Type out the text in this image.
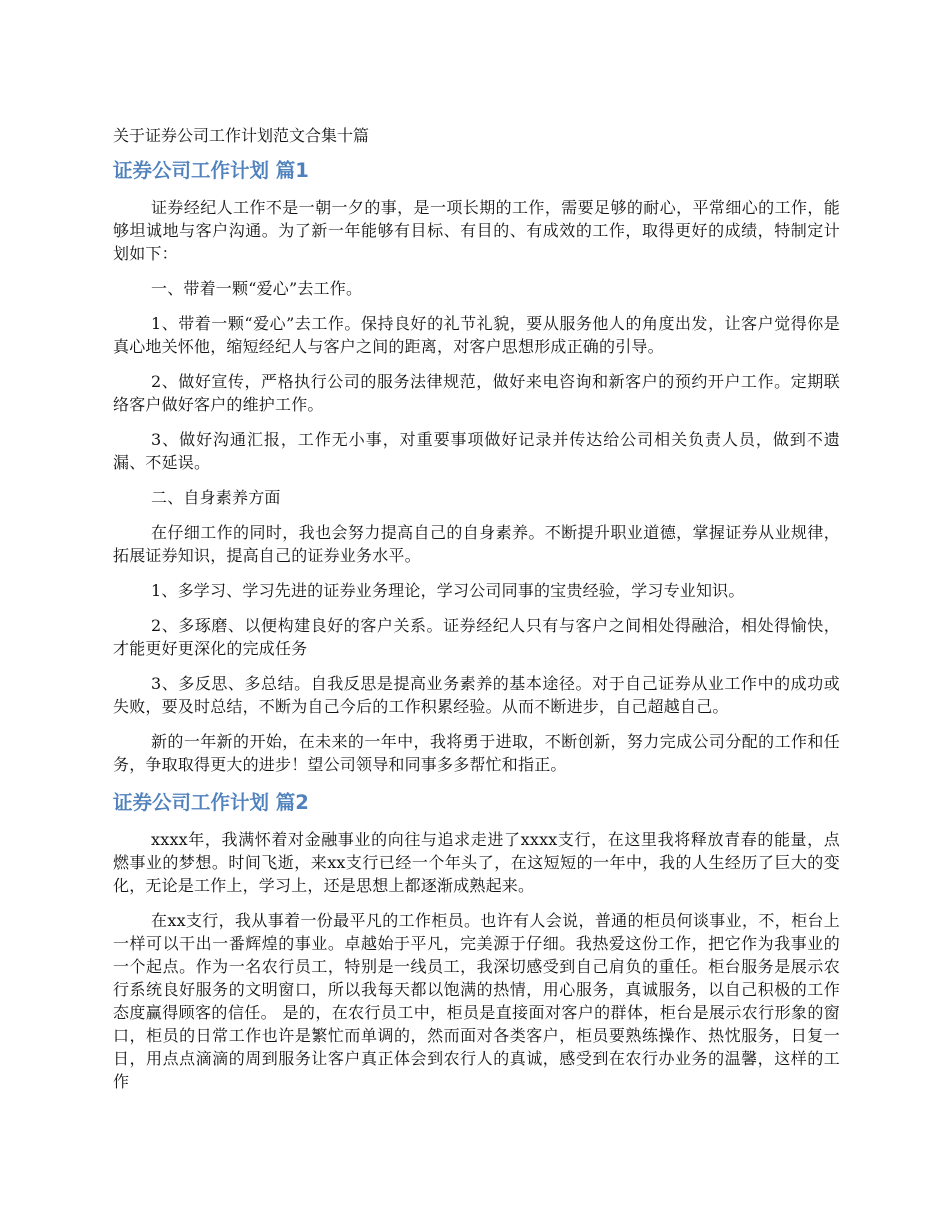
关于证券公司工作计划范文合集十篇
证券公司工作计划 篇1

证券经纪人工作不是一朝一夕的事，是一项长期的工作，需要足够的耐心，平常细心的工作，能够坦诚地与客户沟通。为了新一年能够有目标、有目的、有成效的工作，取得更好的成绩，特制定计划如下：

一、带着一颗“爱心”去工作。

1、带着一颗“爱心”去工作。保持良好的礼节礼貌，要从服务他人的角度出发，让客户觉得你是真心地关怀他，缩短经纪人与客户之间的距离，对客户思想形成正确的引导。

2、做好宣传，严格执行公司的服务法律规范，做好来电咨询和新客户的预约开户工作。定期联络客户做好客户的维护工作。

3、做好沟通汇报，工作无小事，对重要事项做好记录并传达给公司相关负责人员，做到不遗漏、不延误。

二、自身素养方面

在仔细工作的同时，我也会努力提高自己的自身素养。不断提升职业道德，掌握证券从业规律，拓展证券知识，提高自己的证券业务水平。

1、多学习、学习先进的证券业务理论，学习公司同事的宝贵经验，学习专业知识。

2、多琢磨、以便构建良好的客户关系。证券经纪人只有与客户之间相处得融洽，相处得愉快，才能更好更深化的完成任务

3、多反思、多总结。自我反思是提高业务素养的基本途径。对于自己证券从业工作中的成功或失败，要及时总结，不断为自己今后的工作积累经验。从而不断进步，自己超越自己。

新的一年新的开始，在未来的一年中，我将勇于进取，不断创新，努力完成公司分配的工作和任务，争取取得更大的进步！望公司领导和同事多多帮忙和指正。

证券公司工作计划 篇2

xxxx年，我满怀着对金融事业的向往与追求走进了xxxx支行，在这里我将释放青春的能量，点燃事业的梦想。时间飞逝，来xx支行已经一个年头了，在这短短的一年中，我的人生经历了巨大的变化，无论是工作上，学习上，还是思想上都逐渐成熟起来。

在xx支行，我从事着一份最平凡的工作柜员。也许有人会说，普通的柜员何谈事业，不，柜台上一样可以干出一番辉煌的事业。卓越始于平凡，完美源于仔细。我热爱这份工作，把它作为我事业的一个起点。作为一名农行员工，特别是一线员工，我深切感受到自己肩负的重任。柜台服务是展示农行系统良好服务的文明窗口，所以我每天都以饱满的热情，用心服务，真诚服务，以自己积极的工作态度赢得顾客的信任。 是的，在农行员工中，柜员是直接面对客户的群体，柜台是展示农行形象的窗口，柜员的日常工作也许是繁忙而单调的，然而面对各类客户，柜员要熟练操作、热忱服务，日复一日，用点点滴滴的周到服务让客户真正体会到农行人的真诚，感受到在农行办业务的温馨，这样的工作
